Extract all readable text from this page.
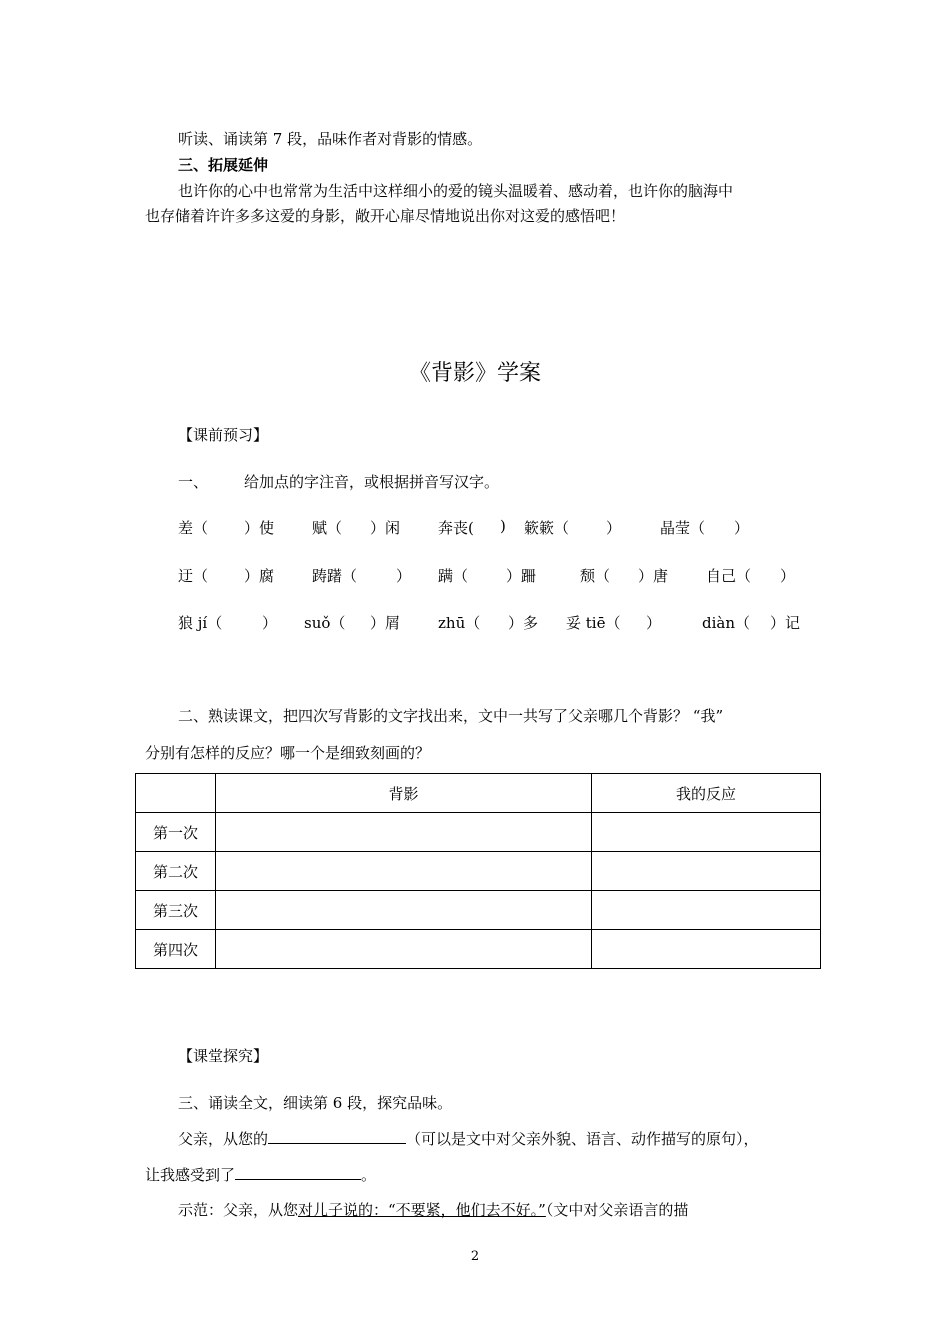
听读、诵读第 7 段，品味作者对背影的情感。
三、拓展延伸
也许你的心中也常常为生活中这样细小的爱的镜头温暖着、感动着，也许你的脑海中
也存储着许许多多这爱的身影，敞开心扉尽情地说出你对这爱的感悟吧！
《背影》学案
【课前预习】
一、 给加点的字注音，或根据拼音写汉字。
差（ ）使	赋（ ）闲	奔丧( ) 簌簌（ ）	晶莹（ ）
迂（ ）腐	踌躇（	） 蹒（	）跚	颓（ ）唐	自己（ ）
狼 jí（	） suǒ（ ）屑	zhū（ ）多 妥 tiē（ ）	diàn（ ）记
二、熟读课文，把四次写背影的文字找出来，文中一共写了父亲哪几个背影？ “我”
分别有怎样的反应？哪一个是细致刻画的？
	背影	我的反应
第一次		
第二次		
第三次		
第四次		
【课堂探究】
三、诵读全文，细读第 6 段，探究品味。
父亲，从您的	（可以是文中对父亲外貌、语言、动作描写的原句），
让我感受到了	。
示范：父亲，从您对儿子说的：“不要紧，他们去不好。”（文中对父亲语言的描
2
